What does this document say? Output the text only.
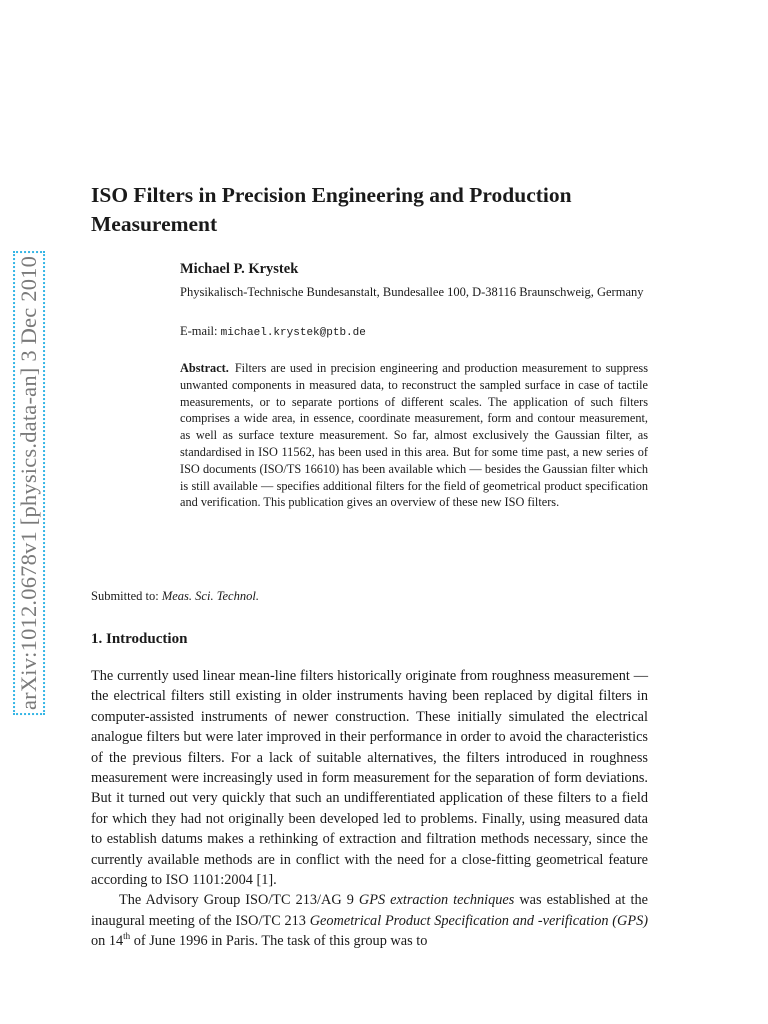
arXiv:1012.0678v1 [physics.data-an] 3 Dec 2010
ISO Filters in Precision Engineering and Production Measurement

Michael P. Krystek

Physikalisch-Technische Bundesanstalt, Bundesallee 100, D-38116 Braunschweig, Germany

E-mail: michael.krystek@ptb.de

Abstract. Filters are used in precision engineering and production measurement to suppress unwanted components in measured data, to reconstruct the sampled surface in case of tactile measurements, or to separate portions of different scales. The application of such filters comprises a wide area, in essence, coordinate measurement, form and contour measurement, as well as surface texture measurement. So far, almost exclusively the Gaussian filter, as standardised in ISO 11562, has been used in this area. But for some time past, a new series of ISO documents (ISO/TS 16610) has been available which — besides the Gaussian filter which is still available — specifies additional filters for the field of geometrical product specification and verification. This publication gives an overview of these new ISO filters.

Submitted to: Meas. Sci. Technol.

1. Introduction

The currently used linear mean-line filters historically originate from roughness measurement — the electrical filters still existing in older instruments having been replaced by digital filters in computer-assisted instruments of newer construction. These initially simulated the electrical analogue filters but were later improved in their performance in order to avoid the characteristics of the previous filters. For a lack of suitable alternatives, the filters introduced in roughness measurement were increasingly used in form measurement for the separation of form deviations. But it turned out very quickly that such an undifferentiated application of these filters to a field for which they had not originally been developed led to problems. Finally, using measured data to establish datums makes a rethinking of extraction and filtration methods necessary, since the currently available methods are in conflict with the need for a close-fitting geometrical feature according to ISO 1101:2004 [1].

The Advisory Group ISO/TC 213/AG 9 GPS extraction techniques was established at the inaugural meeting of the ISO/TC 213 Geometrical Product Specification and -verification (GPS) on 14th of June 1996 in Paris. The task of this group was to
